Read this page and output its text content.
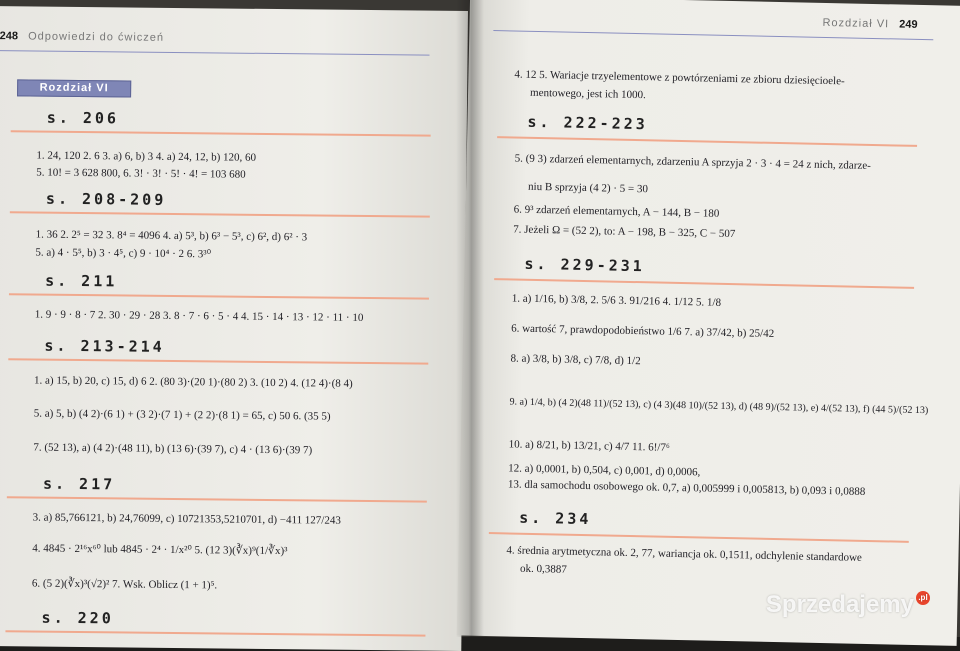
248 Odpowiedzi do ćwiczeń
Rozdział VI
s. 206
1. 24, 120 2. 6 3. a) 6, b) 3 4. a) 24, 12, b) 120, 60
5. 10! = 3 628 800, 6. 3! · 3! · 5! · 4! = 103 680
s. 208-209
1. 36 2. 2⁵ = 32 3. 8⁴ = 4096 4. a) 5³, b) 6³ − 5³, c) 6², d) 6² · 3
5. a) 4 · 5⁵, b) 3 · 4⁵, c) 9 · 10⁴ · 2 6. 3³⁰
s. 211
1. 9 · 9 · 8 · 7 2. 30 · 29 · 28 3. 8 · 7 · 6 · 5 · 4 4. 15 · 14 · 13 · 12 · 11 · 10
s. 213-214
1. a) 15, b) 20, c) 15, d) 6 2. (80 3)·(20 1)·(80 2) 3. (10 2) 4. (12 4)·(8 4)
5. a) 5, b) (4 2)·(6 1) + (3 2)·(7 1) + (2 2)·(8 1) = 65, c) 50 6. (35 5)
7. (52 13), a) (4 2)·(48 11), b) (13 6)·(39 7), c) 4 · (13 6)·(39 7)
s. 217
3. a) 85,766121, b) 24,76099, c) 10721353,5210701, d) −411 127/243
4. 4845 · 2¹⁶x⁶⁰ lub 4845 · 2⁴ · 1/x²⁰ 5. (12 3)(∛x)⁹(1/∛x)³
6. (5 2)(∛x)³(√2)² 7. Wsk. Oblicz (1 + 1)⁵.
s. 220
Rozdział VI 249
4. 12 5. Wariacje trzyelementowe z powtórzeniami ze zbioru dziesięcioele-
mentowego, jest ich 1000.
s. 222-223
5. (9 3) zdarzeń elementarnych, zdarzeniu A sprzyja 2 · 3 · 4 = 24 z nich, zdarze-
niu B sprzyja (4 2) · 5 = 30
6. 9³ zdarzeń elementarnych, A − 144, B − 180
7. Jeżeli Ω = (52 2), to: A − 198, B − 325, C − 507
s. 229-231
1. a) 1/16, b) 3/8, 2. 5/6 3. 91/216 4. 1/12 5. 1/8
6. wartość 7, prawdopodobieństwo 1/6 7. a) 37/42, b) 25/42
8. a) 3/8, b) 3/8, c) 7/8, d) 1/2
9. a) 1/4, b) (4 2)(48 11)/(52 13), c) (4 3)(48 10)/(52 13), d) (48 9)/(52 13), e) 4/(52 13), f) (44 5)/(52 13)
10. a) 8/21, b) 13/21, c) 4/7 11. 6!/7⁶
12. a) 0,0001, b) 0,504, c) 0,001, d) 0,0006,
13. dla samochodu osobowego ok. 0,7, a) 0,005999 i 0,005813, b) 0,093 i 0,0888
s. 234
4. średnia arytmetyczna ok. 2, 77, wariancja ok. 0,1511, odchylenie standardowe
ok. 0,3887
Sprzedajemy .pl
